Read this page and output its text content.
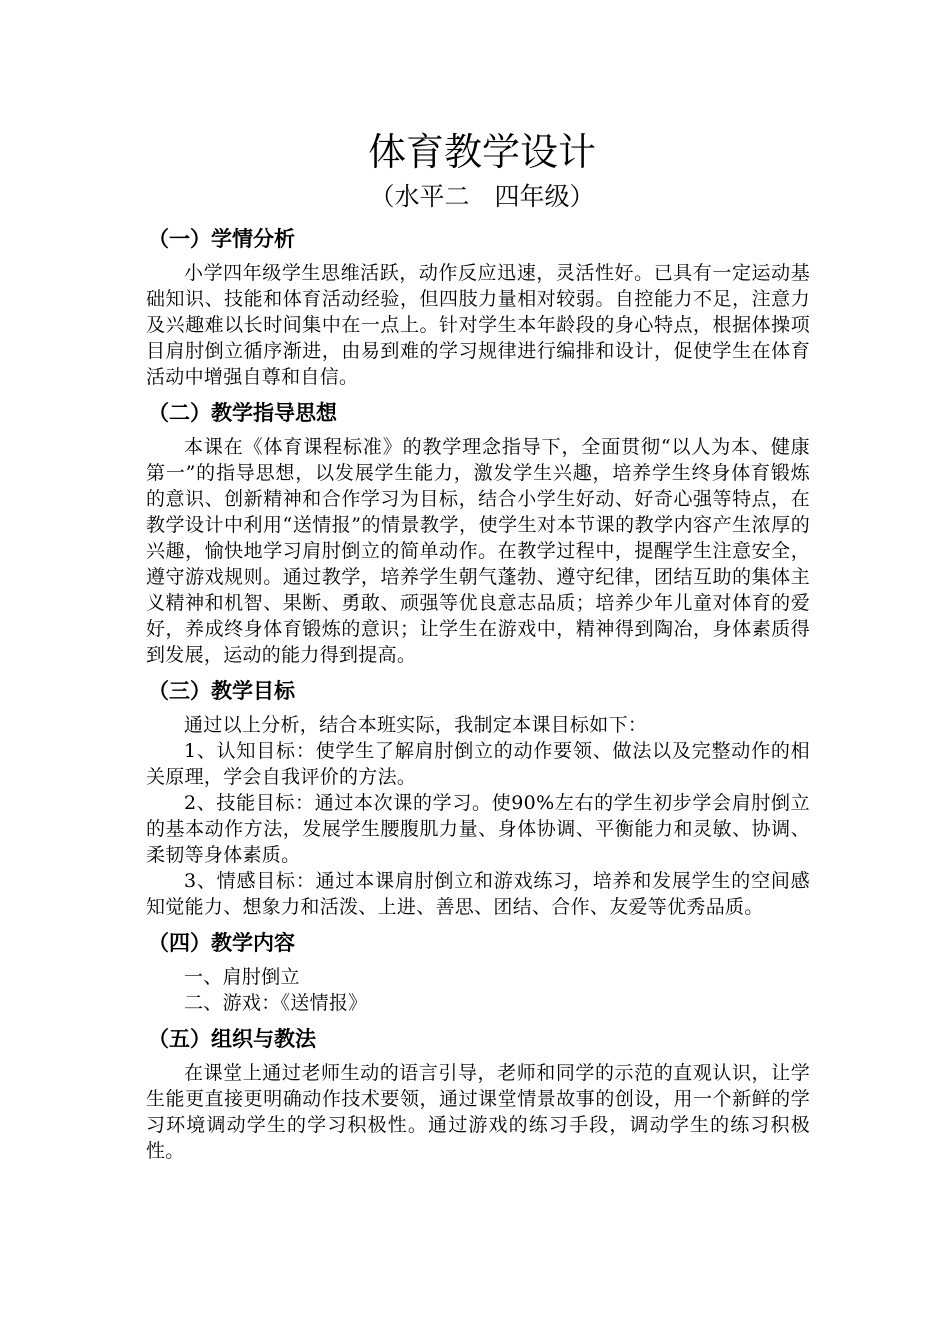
体育教学设计
（水平二　四年级）
（一）学情分析

小学四年级学生思维活跃，动作反应迅速，灵活性好。已具有一定运动基础知识、技能和体育活动经验，但四肢力量相对较弱。自控能力不足，注意力及兴趣难以长时间集中在一点上。针对学生本年龄段的身心特点，根据体操项目肩肘倒立循序渐进，由易到难的学习规律进行编排和设计，促使学生在体育活动中增强自尊和自信。

（二）教学指导思想

本课在《体育课程标准》的教学理念指导下，全面贯彻“以人为本、健康第一”的指导思想，以发展学生能力，激发学生兴趣，培养学生终身体育锻炼的意识、创新精神和合作学习为目标，结合小学生好动、好奇心强等特点，在教学设计中利用“送情报”的情景教学，使学生对本节课的教学内容产生浓厚的兴趣，愉快地学习肩肘倒立的简单动作。在教学过程中，提醒学生注意安全，遵守游戏规则。通过教学，培养学生朝气蓬勃、遵守纪律，团结互助的集体主义精神和机智、果断、勇敢、顽强等优良意志品质；培养少年儿童对体育的爱好，养成终身体育锻炼的意识；让学生在游戏中，精神得到陶冶，身体素质得到发展，运动的能力得到提高。

（三）教学目标

通过以上分析，结合本班实际，我制定本课目标如下：

1、认知目标：使学生了解肩肘倒立的动作要领、做法以及完整动作的相关原理，学会自我评价的方法。

2、技能目标：通过本次课的学习。使90%左右的学生初步学会肩肘倒立的基本动作方法，发展学生腰腹肌力量、身体协调、平衡能力和灵敏、协调、柔韧等身体素质。

3、情感目标：通过本课肩肘倒立和游戏练习，培养和发展学生的空间感知觉能力、想象力和活泼、上进、善思、团结、合作、友爱等优秀品质。

（四）教学内容

一、肩肘倒立

二、游戏：《送情报》

（五）组织与教法

在课堂上通过老师生动的语言引导，老师和同学的示范的直观认识，让学生能更直接更明确动作技术要领，通过课堂情景故事的创设，用一个新鲜的学习环境调动学生的学习积极性。通过游戏的练习手段，调动学生的练习积极性。
